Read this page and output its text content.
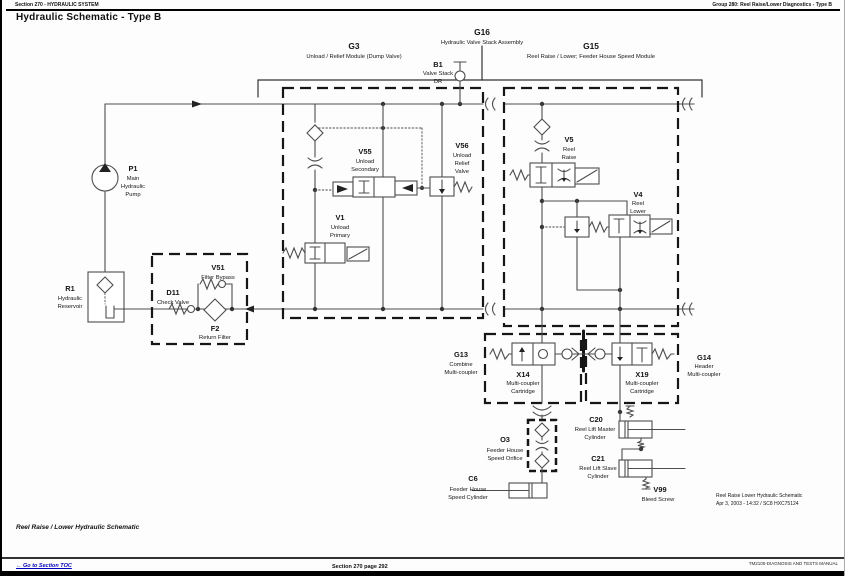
Section 270 - HYDRAULIC SYSTEM	Group 280: Reel Raise/Lower Diagnostics - Type B
Hydraulic Schematic - Type B
G16
Hydraulic Valve Stack Assembly
P1
Main
Hydraulic
Pump
R1
Hydraulic
Reservoir
D11
Check Valve
V51
Filter Bypass
F2
Return Filter
G3
Unload / Relief Module (Dump Valve)
B1
Valve Stack
DR
V55
Unload
Secondary
V56
Unload
Relief
Valve
V1
Unload
Primary
G15
Reel Raise / Lower; Feeder House Speed Module
V5
Reel
Raise
V4
Reel
Lower
G13
Combine
Multi-coupler
G14
Header
Multi-coupler
X14
Multi-coupler
Cartridge
X19
Multi-coupler
Cartridge
O3
Feeder House
Speed Orifice
C6
Feeder House
Speed Cylinder
C20
Reel Lift Master
Cylinder
C21
Reel Lift Slave
Cylinder
V99
Bleed Screw
Reel Raise Lower Hydraulic Schematic
Apr 3, 2003 - 14:32 / SC8 HXC75124
Reel Raise / Lower Hydraulic Schematic
← Go to Section TOC	Section 270 page 292
TM2100-DIAGNOSIS AND TESTS MANUAL
